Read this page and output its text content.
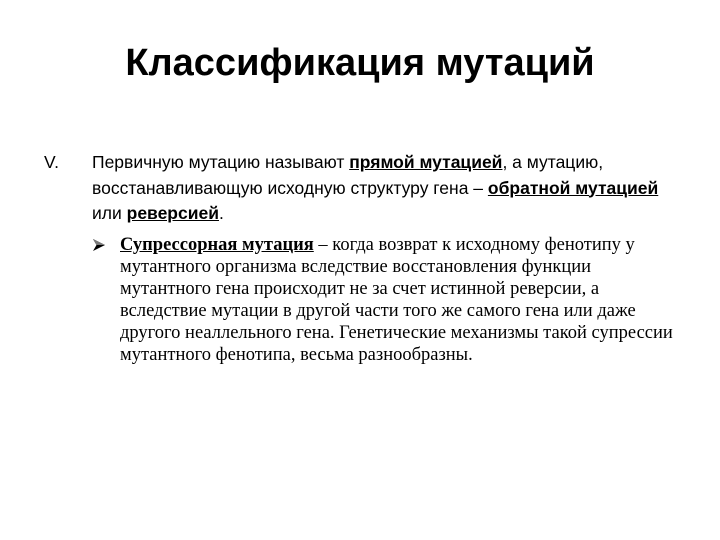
Классификация мутаций
V. Первичную мутацию называют прямой мутацией, а мутацию, восстанавливающую исходную структуру гена – обратной мутацией или реверсией.
Супрессорная мутация – когда возврат к исходному фенотипу у мутантного организма вследствие восстановления функции мутантного гена происходит не за счет истинной реверсии, а вследствие мутации в другой части того же самого гена или даже другого неаллельного гена. Генетические механизмы такой супрессии мутантного фенотипа, весьма разнообразны.
